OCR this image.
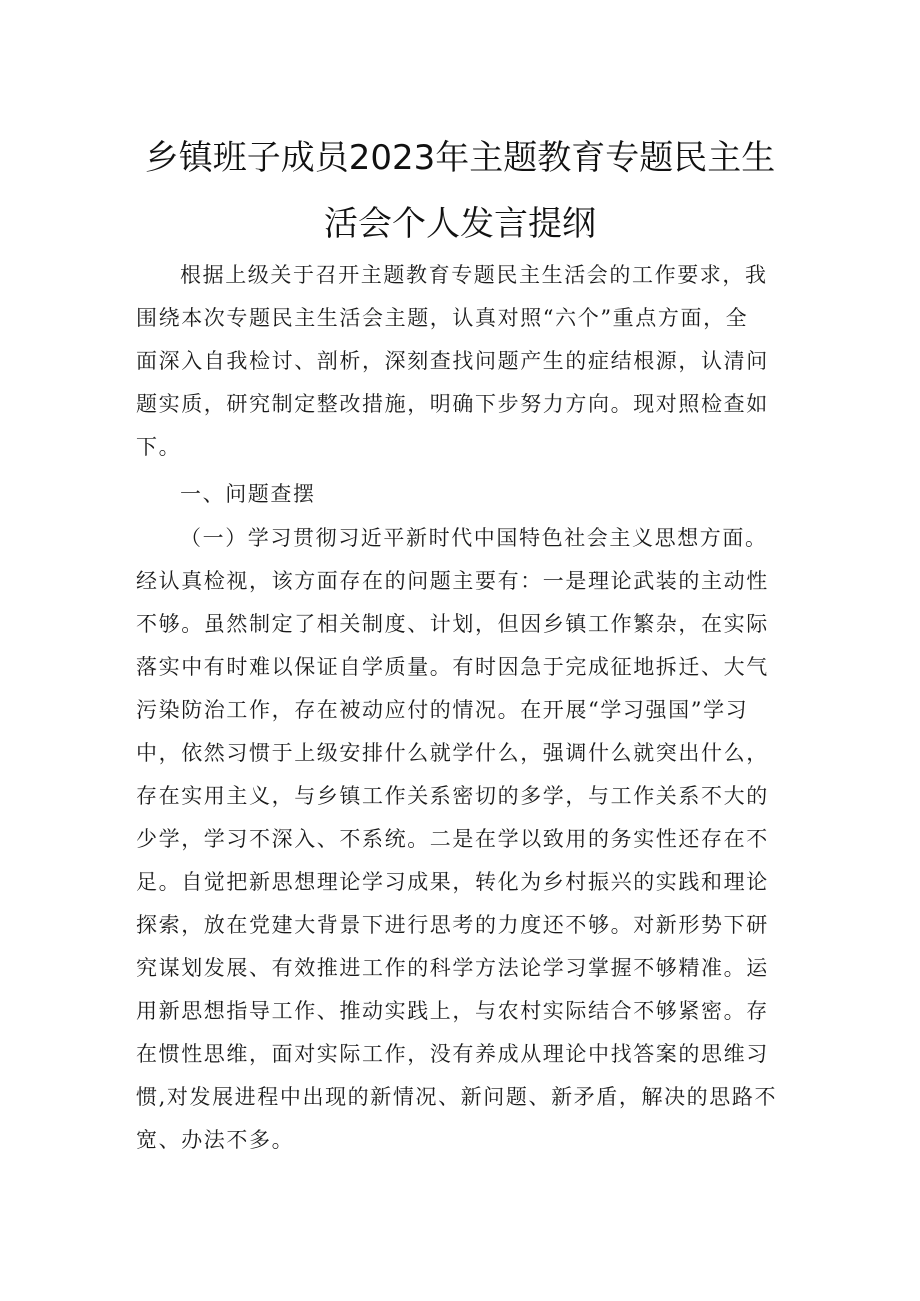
乡镇班子成员2023年主题教育专题民主生
活会个人发言提纲
根据上级关于召开主题教育专题民主生活会的工作要求，我
围绕本次专题民主生活会主题，认真对照“六个”重点方面，全
面深入自我检讨、剖析，深刻查找问题产生的症结根源，认清问
题实质，研究制定整改措施，明确下步努力方向。现对照检查如
下。
一、问题查摆
（一）学习贯彻习近平新时代中国特色社会主义思想方面。
经认真检视，该方面存在的问题主要有：一是理论武装的主动性
不够。虽然制定了相关制度、计划，但因乡镇工作繁杂，在实际
落实中有时难以保证自学质量。有时因急于完成征地拆迁、大气
污染防治工作，存在被动应付的情况。在开展“学习强国”学习
中，依然习惯于上级安排什么就学什么，强调什么就突出什么，
存在实用主义，与乡镇工作关系密切的多学，与工作关系不大的
少学，学习不深入、不系统。二是在学以致用的务实性还存在不
足。自觉把新思想理论学习成果，转化为乡村振兴的实践和理论
探索，放在党建大背景下进行思考的力度还不够。对新形势下研
究谋划发展、有效推进工作的科学方法论学习掌握不够精准。运
用新思想指导工作、推动实践上，与农村实际结合不够紧密。存
在惯性思维，面对实际工作，没有养成从理论中找答案的思维习
惯,对发展进程中出现的新情况、新问题、新矛盾，解决的思路不
宽、办法不多。
